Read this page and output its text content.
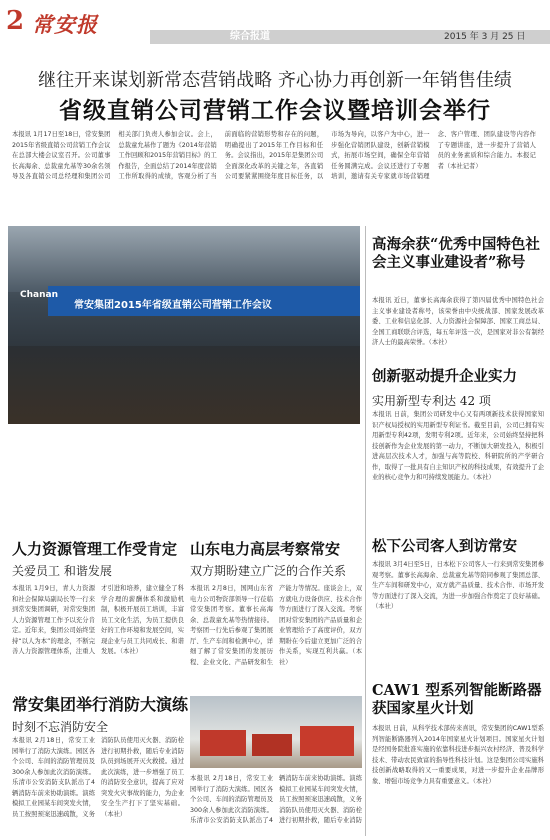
2 常安报	综合报道	2015 年 3 月 25 日
继往开来谋划新常态营销战略 齐心协力再创新一年销售佳绩
省级直销公司营销工作会议暨培训会举行
本报讯 1月17日至18日，常安集团2015年省级直销公司营销工作会议在总部大楼会议室召开。公司董事长高海余、总裁童允基等30余名领导及各直销公司总经理和集团公司相关部门负责人参加会议。会上，总裁童允基作了题为《2014年营销工作回顾和2015年营销目标》的工作报告，全面总结了2014年度营销工作所取得的成绩，客观分析了当前面临的营销形势和存在的问题，明确提出了2015年工作目标和任务。会议指出，2015年是集团公司全面深化改革的关键之年，各直销公司要紧紧围绕年度目标任务，以市场为导向，以客户为中心，进一步强化营销团队建设，创新营销模式，拓展市场空间，确保全年营销任务圆满完成。会议还进行了专题培训，邀请有关专家就市场营销理念、客户管理、团队建设等内容作了专题讲座，进一步提升了营销人员的业务素质和综合能力。本报记者（本社记者）
Chanan
常安集团2015年省级直销公司营销工作会议
高海余获“优秀中国特色社会主义事业建设者”称号
本报讯 近日，董事长高海余获得了第四届优秀中国特色社会主义事业建设者称号，该荣誉由中央统战部、国家发展改革委、工业和信息化部、人力资源社会保障部、国家工商总局、全国工商联联合评选，每五年评选一次，是国家对非公有制经济人士的最高荣誉。（本社）
创新驱动提升企业实力
实用新型专利达 42 项
本报讯 日前，集团公司研发中心又有两项新技术获得国家知识产权局授权的实用新型专利证书。截至目前，公司已拥有实用新型专利42项，发明专利2项。近年来，公司始终坚持把科技创新作为企业发展的第一动力，不断加大研发投入，积极引进高层次技术人才，加强与高等院校、科研院所的产学研合作，取得了一批具有自主知识产权的科技成果，有效提升了企业的核心竞争力和可持续发展能力。（本社）
松下公司客人到访常安
本报讯 3月4日至5日，日本松下公司客人一行来到常安集团参观考察。董事长高海余、总裁童允基等陪同参观了集团总部、生产车间和研发中心，双方就产品质量、技术合作、市场开发等方面进行了深入交流，为进一步加强合作奠定了良好基础。（本社）
CAW1 型系列智能断路器获国家星火计划
本报讯 日前，从科学技术部传来喜讯，常安集团的CAW1型系列智能断路器列入2014年国家星火计划项目。国家星火计划是经国务院批准实施的依靠科技进步振兴农村经济、普及科学技术、带动农民致富的指导性科技计划。这是集团公司实施科技创新战略取得的又一重要成果，对进一步提升企业品牌形象、增强市场竞争力具有重要意义。（本社）
人力资源管理工作受肯定
关爱员工 和谐发展
本报讯 1月9日，青人力资源和社会保障局副局长等一行来到常安集团调研，对常安集团人力资源管理工作予以充分肯定。近年来，集团公司始终坚持“以人为本”的理念，不断完善人力资源管理体系，注重人才引进和培养，建立健全了科学合理的薪酬体系和激励机制，积极开展员工培训，丰富员工文化生活，为员工提供良好的工作环境和发展空间，实现企业与员工共同成长、和谐发展。（本社）
山东电力高层考察常安
双方期盼建立广泛的合作关系
本报讯 2月8日，国网山东省电力公司物资部领导一行莅临常安集团考察。董事长高海余、总裁童允基等热情接待。考察团一行先后参观了集团展厅、生产车间和检测中心，详细了解了常安集团的发展历程、企业文化、产品研发和生产能力等情况。座谈会上，双方就电力设备供应、技术合作等方面进行了深入交流。考察团对常安集团的产品质量和企业管理给予了高度评价，双方期盼在今后建立更加广泛的合作关系，实现互利共赢。（本社）
常安集团举行消防大演练
时刻不忘消防安全
本报讯 2月18日，常安工业园举行了消防大演练。园区各个公司、车间的消防管理员及300余人参加此次消防演练。乐清市公安消防支队派出了4辆消防车前来协助演练。演练模拟工业园某车间突发火情，员工按照预案迅速疏散，义务消防队员使用灭火器、消防栓进行初期扑救，随后专业消防队员到场展开灭火救援。通过此次演练，进一步增强了员工的消防安全意识，提高了应对突发火灾事故的能力，为企业安全生产打下了坚实基础。（本社）
本报讯 2月18日，常安工业园举行了消防大演练。园区各个公司、车间的消防管理员及300余人参加此次消防演练。乐清市公安消防支队派出了4辆消防车前来协助演练。演练模拟工业园某车间突发火情，员工按照预案迅速疏散，义务消防队员使用灭火器、消防栓进行初期扑救，随后专业消防
